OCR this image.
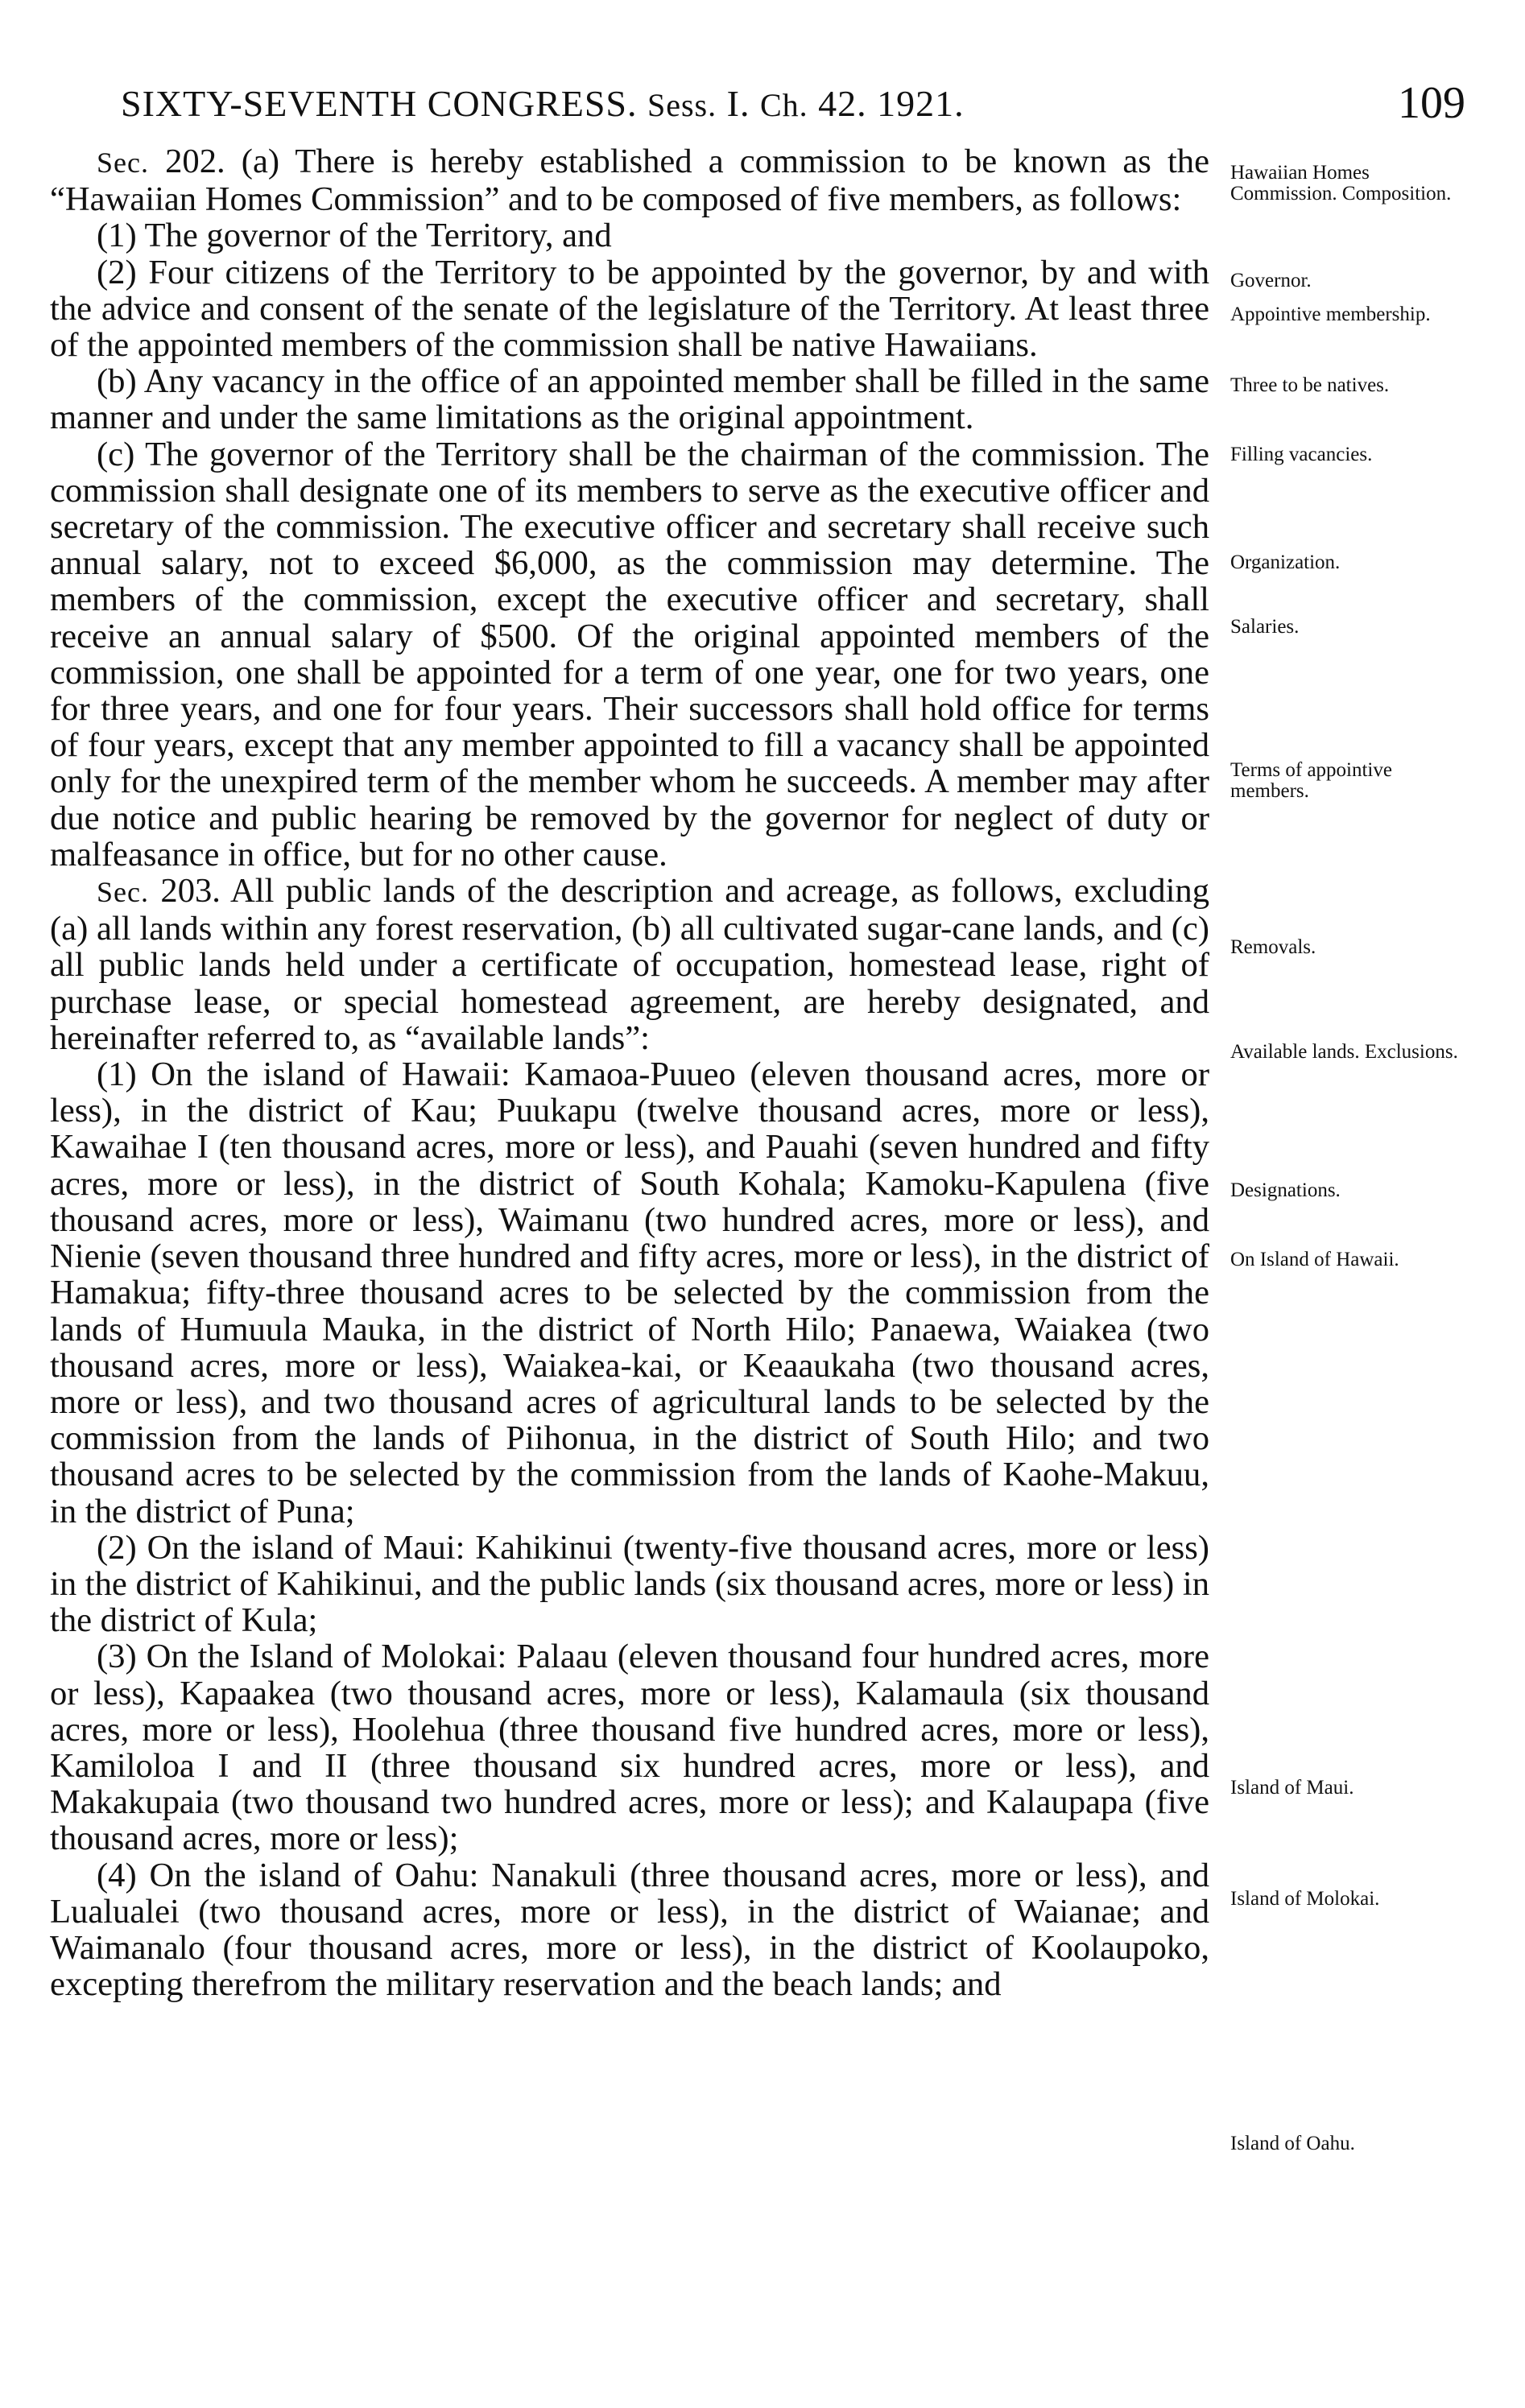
SIXTY-SEVENTH CONGRESS. Sess. I. Ch. 42. 1921.	109

Sec. 202. (a) There is hereby established a commission to be known as the “Hawaiian Homes Commission” and to be composed of five members, as follows:

(1) The governor of the Territory, and

(2) Four citizens of the Territory to be appointed by the governor, by and with the advice and consent of the senate of the legislature of the Territory. At least three of the appointed members of the commission shall be native Hawaiians.

(b) Any vacancy in the office of an appointed member shall be filled in the same manner and under the same limitations as the original appointment.

(c) The governor of the Territory shall be the chairman of the commission. The commission shall designate one of its members to serve as the executive officer and secretary of the commission. The executive officer and secretary shall receive such annual salary, not to exceed $6,000, as the commission may determine. The members of the commission, except the executive officer and secretary, shall receive an annual salary of $500. Of the original appointed members of the commission, one shall be appointed for a term of one year, one for two years, one for three years, and one for four years. Their successors shall hold office for terms of four years, except that any member appointed to fill a vacancy shall be appointed only for the unexpired term of the member whom he succeeds. A member may after due notice and public hearing be removed by the governor for neglect of duty or malfeasance in office, but for no other cause.

Sec. 203. All public lands of the description and acreage, as follows, excluding (a) all lands within any forest reservation, (b) all cultivated sugar-cane lands, and (c) all public lands held under a certificate of occupation, homestead lease, right of purchase lease, or special homestead agreement, are hereby designated, and hereinafter referred to, as “available lands”:

(1) On the island of Hawaii: Kamaoa-Puueo (eleven thousand acres, more or less), in the district of Kau; Puukapu (twelve thousand acres, more or less), Kawaihae I (ten thousand acres, more or less), and Pauahi (seven hundred and fifty acres, more or less), in the district of South Kohala; Kamoku-Kapulena (five thousand acres, more or less), Waimanu (two hundred acres, more or less), and Nienie (seven thousand three hundred and fifty acres, more or less), in the district of Hamakua; fifty-three thousand acres to be selected by the commission from the lands of Humuula Mauka, in the district of North Hilo; Panaewa, Waiakea (two thousand acres, more or less), Waiakea-kai, or Keaaukaha (two thousand acres, more or less), and two thousand acres of agricultural lands to be selected by the commission from the lands of Piihonua, in the district of South Hilo; and two thousand acres to be selected by the commission from the lands of Kaohe-Makuu, in the district of Puna;

(2) On the island of Maui: Kahikinui (twenty-five thousand acres, more or less) in the district of Kahikinui, and the public lands (six thousand acres, more or less) in the district of Kula;

(3) On the Island of Molokai: Palaau (eleven thousand four hundred acres, more or less), Kapaakea (two thousand acres, more or less), Kalamaula (six thousand acres, more or less), Hoolehua (three thousand five hundred acres, more or less), Kamiloloa I and II (three thousand six hundred acres, more or less), and Makakupaia (two thousand two hundred acres, more or less); and Kalaupapa (five thousand acres, more or less);

(4) On the island of Oahu: Nanakuli (three thousand acres, more or less), and Lualualei (two thousand acres, more or less), in the district of Waianae; and Waimanalo (four thousand acres, more or less), in the district of Koolaupoko, excepting therefrom the military reservation and the beach lands; and

Hawaiian Homes Commission. Composition.
Governor.
Appointive membership.
Three to be natives.
Filling vacancies.
Organization.
Salaries.
Terms of appointive members.
Removals.
Available lands. Exclusions.
Designations.
On Island of Hawaii.
Island of Maui.
Island of Molokai.
Island of Oahu.
